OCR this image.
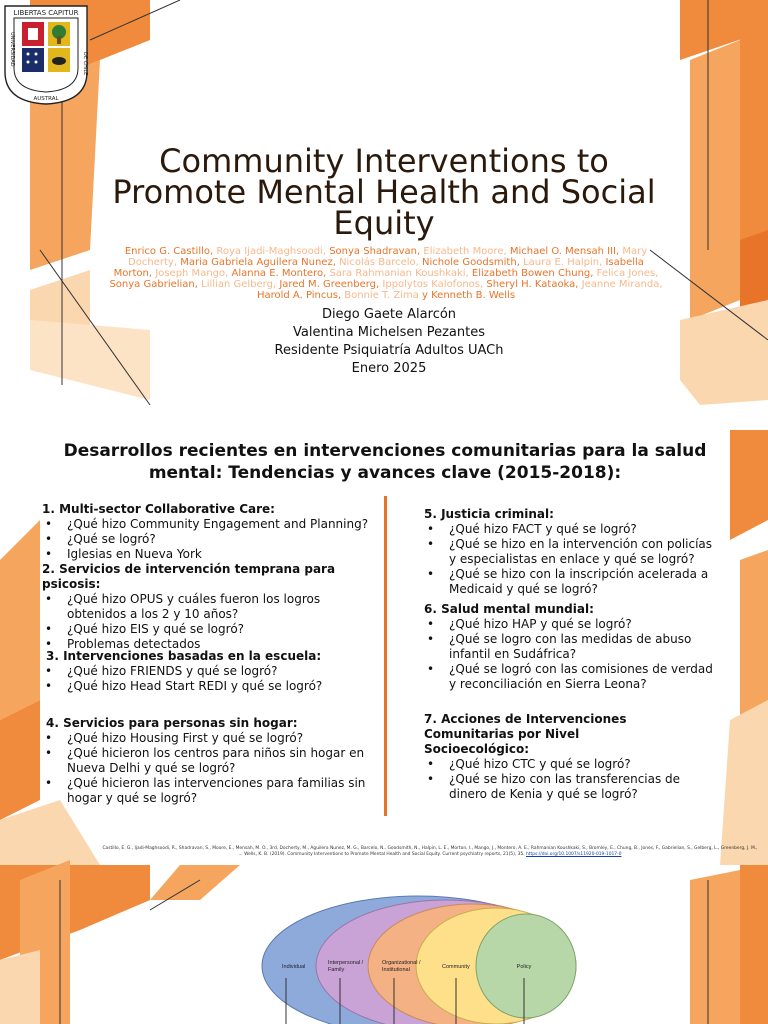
LIBERTAS CAPITUR
UNIVERSIDAD
AUSTRAL
DE CHILE
Community Interventions to Promote Mental Health and Social Equity
Enrico G. Castillo, Roya Ijadi-Maghsoodi, Sonya Shadravan, Elizabeth Moore, Michael O. Mensah III, Mary Docherty, Maria Gabriela Aguilera Nunez, Nicolás Barcelo, Nichole Goodsmith, Laura E. Halpin, Isabella Morton, Joseph Mango, Alanna E. Montero, Sara Rahmanian Koushkaki, Elizabeth Bowen Chung, Felica Jones, Sonya Gabrielian, Lillian Gelberg, Jared M. Greenberg, Ippolytos Kalofonos, Sheryl H. Kataoka, Jeanne Miranda, Harold A. Pincus, Bonnie T. Zima y Kenneth B. Wells
Diego Gaete Alarcón
Valentina Michelsen Pezantes
Residente Psiquiatría Adultos UACh
Enero 2025
Desarrollos recientes en intervenciones comunitarias para la salud mental: Tendencias y avances clave (2015-2018):

1. Multi-sector Collaborative Care:

• ¿Qué hizo Community Engagement and Planning?
• ¿Qué se logró?
• Iglesias en Nueva York

2. Servicios de intervención temprana para psicosis:

• ¿Qué hizo OPUS y cuáles fueron los logros obtenidos a los 2 y 10 años?
• ¿Qué hizo EIS y qué se logró?
• Problemas detectados

3. Intervenciones basadas en la escuela:

• ¿Qué hizo FRIENDS y qué se logró?
• ¿Qué hizo Head Start REDI y qué se logró?

4. Servicios para personas sin hogar:

• ¿Qué hizo Housing First y qué se logró?
• ¿Qué hicieron los centros para niños sin hogar en Nueva Delhi y qué se logró?
• ¿Qué hicieron las intervenciones para familias sin hogar y qué se logró?

5. Justicia criminal:

• ¿Qué hizo FACT y qué se logró?
• ¿Qué se hizo en la intervención con policías y especialistas en enlace y qué se logró?
• ¿Qué se hizo con la inscripción acelerada a Medicaid y qué se logró?

6. Salud mental mundial:

• ¿Qué hizo HAP y qué se logró?
• ¿Qué se logro con las medidas de abuso infantil en Sudáfrica?
• ¿Qué se logró con las comisiones de verdad y reconciliación en Sierra Leona?

7. Acciones de Intervenciones Comunitarias por Nivel Socioecológico:

• ¿Qué hizo CTC y qué se logró?
• ¿Qué se hizo con las transferencias de dinero de Kenia y qué se logró?
Castillo, E. G., Ijadi-Maghsoodi, R., Shadravan, S., Moore, E., Mensah, M. O., 3rd, Docherty, M., Aguilera Nunez, M. G., Barcelo, N., Goodsmith, N., Halpin, L. E., Morton, I., Mango, J., Montero, A. E., Rahmanian Koushkaki, S., Bromley, E., Chung, B., Jones, F., Gabrielian, S., Gelberg, L., Greenberg, J. M., ... Wells, K. B. (2019). Community Interventions to Promote Mental Health and Social Equity. Current psychiatry reports, 21(5), 35. https://doi.org/10.1007/s11920-019-1017-0
Individual
Interpersonal / Family
Organizational / Institutional	Community	Policy
